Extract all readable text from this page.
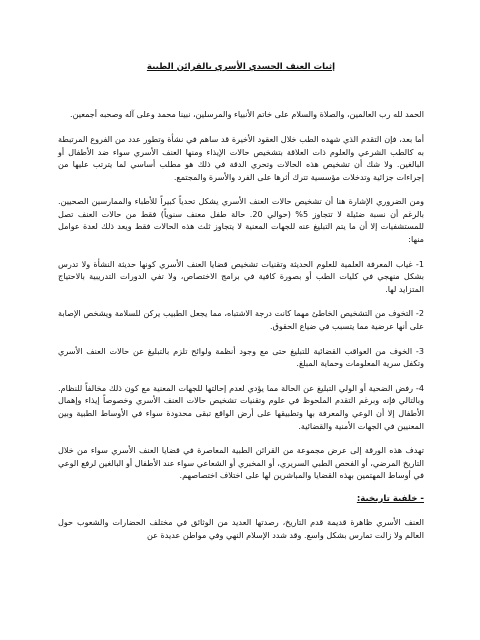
إثبات العنف الجسدي الأسري بالقرائن الطبية

الحمد لله رب العالمين، والصلاة والسلام على خاتم الأنبياء والمرسلين، نبينا محمد وعلى آله وصحبه أجمعين.

أما بعد، فإن التقدم الذي شهده الطب خلال العقود الأخيرة قد ساهم في نشأة وتطور عدد من الفروع المرتبطة به كالطب الشرعي والعلوم ذات العلاقة بتشخيص حالات الإيذاء ومنها العنف الأسري سواء ضد الأطفال أو البالغين. ولا شك أن تشخيص هذه الحالات وتحري الدقة في ذلك هو مطلب أساسي لما يترتب عليها من إجراءات جزائية وتدخلات مؤسسية تترك أثرها على الفرد والأسرة والمجتمع.

ومن الضروري الإشارة هنا أن تشخيص حالات العنف الأسري يشكل تحدياً كبيراً للأطباء والممارسين الصحيين. بالرغم أن نسبة ضئيلة لا تتجاوز 5% (حوالي 20. حالة طفل معنف سنوياً) فقط من حالات العنف تصل للمستشفيات إلا أن ما يتم التبليغ عنه للجهات المعنية لا يتجاوز ثلث هذه الحالات فقط ويعد ذلك لعدة عوامل منها:

1- غياب المعرفة العلمية للعلوم الحديثة وتقنيات تشخيص قضايا العنف الأسري كونها حديثة النشأة ولا تدرس بشكل منهجي في كليات الطب أو بصورة كافية في برامج الاختصاص، ولا تفي الدورات التدريبية بالاحتياج المتزايد لها.

2- التخوف من التشخيص الخاطئ مهما كانت درجة الاشتباه، مما يجعل الطبيب يركن للسلامة ويشخص الإصابة على أنها عرضية مما يتسبب في ضياع الحقوق.

3- الخوف من العواقب القضائية للتبليغ حتى مع وجود أنظمة ولوائح تلزم بالتبليغ عن حالات العنف الأسري وتكفل سرية المعلومات وحماية المبلغ.

4- رفض الضحية أو الولي التبليغ عن الحالة مما يؤدي لعدم إحالتها للجهات المعنية مع كون ذلك مخالفاً للنظام. وبالتالي فإنه وبرغم التقدم الملحوظ في علوم وتقنيات تشخيص حالات العنف الأسري وخصوصاً إيذاء وإهمال الأطفال إلا أن الوعي والمعرفة بها وتطبيقها على أرض الواقع تبقى محدودة سواء في الأوساط الطبية وبين المعنيين في الجهات الأمنية والقضائية.

تهدف هذه الورقة إلى عرض مجموعة من القرائن الطبية المعاصرة في قضايا العنف الأسري سواء من خلال التاريخ المرضي، أو الفحص الطبي السريري، أو المخبري أو الشعاعي سواء عند الأطفال أو البالغين لرفع الوعي في أوساط المهتمين بهذه القضايا والمباشرين لها على اختلاف اختصاصهم.

- خلفية تاريخية:

العنف الأسري ظاهرة قديمة قدم التاريخ، رصدتها العديد من الوثائق في مختلف الحضارات والشعوب حول العالم ولا زالت تمارس بشكل واسع. وقد شدد الإسلام النهي وفي مواطن عديدة عن
